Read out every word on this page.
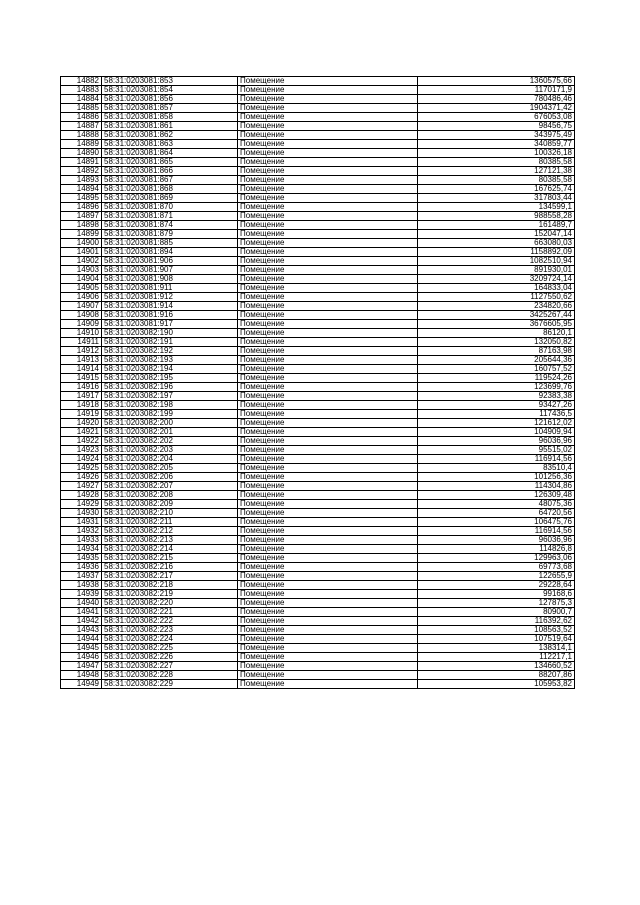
14882	58:31:0203081:853	Помещение	1360575,66
14883	58:31:0203081:854	Помещение	1170171,9
14884	58:31:0203081:856	Помещение	780486,46
14885	58:31:0203081:857	Помещение	1904371,42
14886	58:31:0203081:858	Помещение	676053,08
14887	58:31:0203081:861	Помещение	98456,75
14888	58:31:0203081:862	Помещение	343975,49
14889	58:31:0203081:863	Помещение	340859,77
14890	58:31:0203081:864	Помещение	100326,18
14891	58:31:0203081:865	Помещение	80385,58
14892	58:31:0203081:866	Помещение	127121,38
14893	58:31:0203081:867	Помещение	80385,58
14894	58:31:0203081:868	Помещение	167625,74
14895	58:31:0203081:869	Помещение	317803,44
14896	58:31:0203081:870	Помещение	134599,1
14897	58:31:0203081:871	Помещение	988558,28
14898	58:31:0203081:874	Помещение	161489,7
14899	58:31:0203081:879	Помещение	152047,14
14900	58:31:0203081:885	Помещение	663080,03
14901	58:31:0203081:894	Помещение	1158892,09
14902	58:31:0203081:906	Помещение	1082510,94
14903	58:31:0203081:907	Помещение	891930,01
14904	58:31:0203081:908	Помещение	3209724,14
14905	58:31:0203081:911	Помещение	164833,04
14906	58:31:0203081:912	Помещение	1127550,62
14907	58:31:0203081:914	Помещение	234820,66
14908	58:31:0203081:916	Помещение	3425267,44
14909	58:31:0203081:917	Помещение	3676605,95
14910	58:31:0203082:190	Помещение	86120,1
14911	58:31:0203082:191	Помещение	132050,82
14912	58:31:0203082:192	Помещение	87163,98
14913	58:31:0203082:193	Помещение	205644,36
14914	58:31:0203082:194	Помещение	160757,52
14915	58:31:0203082:195	Помещение	119524,26
14916	58:31:0203082:196	Помещение	123699,76
14917	58:31:0203082:197	Помещение	92383,38
14918	58:31:0203082:198	Помещение	93427,26
14919	58:31:0203082:199	Помещение	117436,5
14920	58:31:0203082:200	Помещение	121612,02
14921	58:31:0203082:201	Помещение	104909,94
14922	58:31:0203082:202	Помещение	96036,96
14923	58:31:0203082:203	Помещение	95515,02
14924	58:31:0203082:204	Помещение	116914,56
14925	58:31:0203082:205	Помещение	83510,4
14926	58:31:0203082:206	Помещение	101256,36
14927	58:31:0203082:207	Помещение	114304,86
14928	58:31:0203082:208	Помещение	126309,48
14929	58:31:0203082:209	Помещение	48075,36
14930	58:31:0203082:210	Помещение	64720,56
14931	58:31:0203082:211	Помещение	106475,76
14932	58:31:0203082:212	Помещение	116914,56
14933	58:31:0203082:213	Помещение	96036,96
14934	58:31:0203082:214	Помещение	114826,8
14935	58:31:0203082:215	Помещение	129963,06
14936	58:31:0203082:216	Помещение	69773,68
14937	58:31:0203082:217	Помещение	122655,9
14938	58:31:0203082:218	Помещение	29228,64
14939	58:31:0203082:219	Помещение	99168,6
14940	58:31:0203082:220	Помещение	127875,3
14941	58:31:0203082:221	Помещение	80900,7
14942	58:31:0203082:222	Помещение	116392,62
14943	58:31:0203082:223	Помещение	108563,52
14944	58:31:0203082:224	Помещение	107519,64
14945	58:31:0203082:225	Помещение	138314,1
14946	58:31:0203082:226	Помещение	112217,1
14947	58:31:0203082:227	Помещение	134660,52
14948	58:31:0203082:228	Помещение	88207,86
14949	58:31:0203082:229	Помещение	105953,82
